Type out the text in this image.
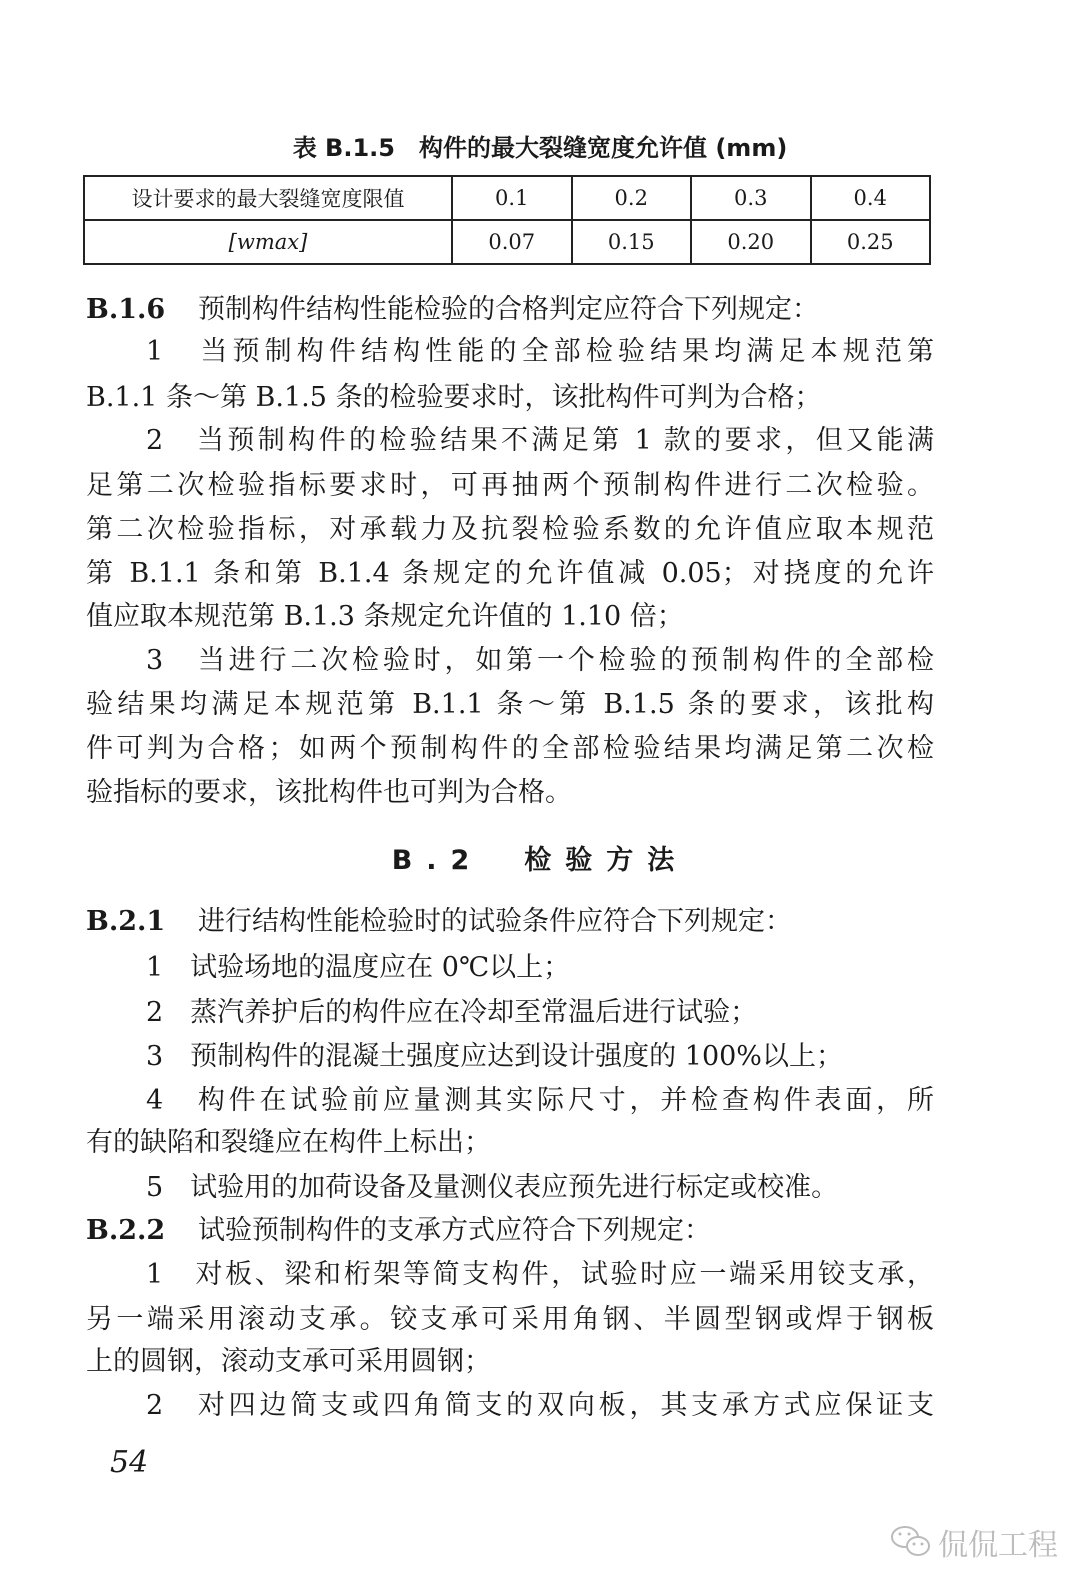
表 B.1.5　构件的最大裂缝宽度允许值 (mm)
设计要求的最大裂缝宽度限值	0.1	0.2	0.3	0.4
[wmax]	0.07	0.15	0.20	0.25
B.1.6 预制构件结构性能检验的合格判定应符合下列规定：
1　当预制构件结构性能的全部检验结果均满足本规范第
B.1.1 条～第 B.1.5 条的检验要求时，该批构件可判为合格；
2　当预制构件的检验结果不满足第 1 款的要求，但又能满
足第二次检验指标要求时，可再抽两个预制构件进行二次检验。
第二次检验指标，对承载力及抗裂检验系数的允许值应取本规范
第 B.1.1 条和第 B.1.4 条规定的允许值减 0.05；对挠度的允许
值应取本规范第 B.1.3 条规定允许值的 1.10 倍；
3　当进行二次检验时，如第一个检验的预制构件的全部检
验结果均满足本规范第 B.1.1 条～第 B.1.5 条的要求，该批构
件可判为合格；如两个预制构件的全部检验结果均满足第二次检
验指标的要求，该批构件也可判为合格。
B.2　检验方法
B.2.1 进行结构性能检验时的试验条件应符合下列规定：
1　试验场地的温度应在 0℃以上；
2　蒸汽养护后的构件应在冷却至常温后进行试验；
3　预制构件的混凝土强度应达到设计强度的 100%以上；
4　构件在试验前应量测其实际尺寸，并检查构件表面，所
有的缺陷和裂缝应在构件上标出；
5　试验用的加荷设备及量测仪表应预先进行标定或校准。
B.2.2 试验预制构件的支承方式应符合下列规定：
1　对板、梁和桁架等简支构件，试验时应一端采用铰支承，
另一端采用滚动支承。铰支承可采用角钢、半圆型钢或焊于钢板
上的圆钢，滚动支承可采用圆钢；
2　对四边简支或四角简支的双向板，其支承方式应保证支
54
侃侃工程
